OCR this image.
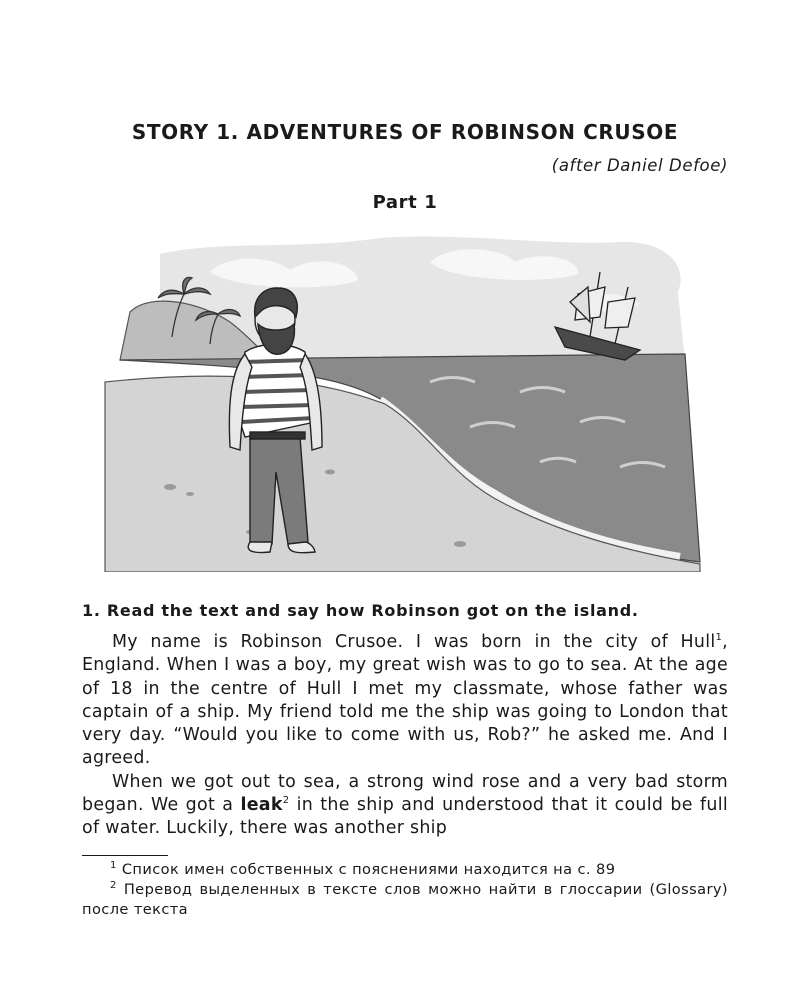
STORY 1. ADVENTURES OF ROBINSON CRUSOE
(after Daniel Defoe)
Part 1

1. Read the text and say how Robinson got on the island.

My name is Robinson Crusoe. I was born in the city of Hull$^1$, England. When I was a boy, my great wish was to go to sea. At the age of 18 in the centre of Hull I met my classmate, whose father was captain of a ship. My friend told me the ship was going to London that very day. “Would you like to come with us, Rob?” he asked me. And I agreed.

When we got out to sea, a strong wind rose and a very bad storm began. We got a leak$^2$ in the ship and understood that it could be full of water. Luckily, there was another ship

$^1$ Список имен собственных с пояснениями находится на с. 89

$^2$ Перевод выделенных в тексте слов можно найти в глоссарии (Glossary) после текста
